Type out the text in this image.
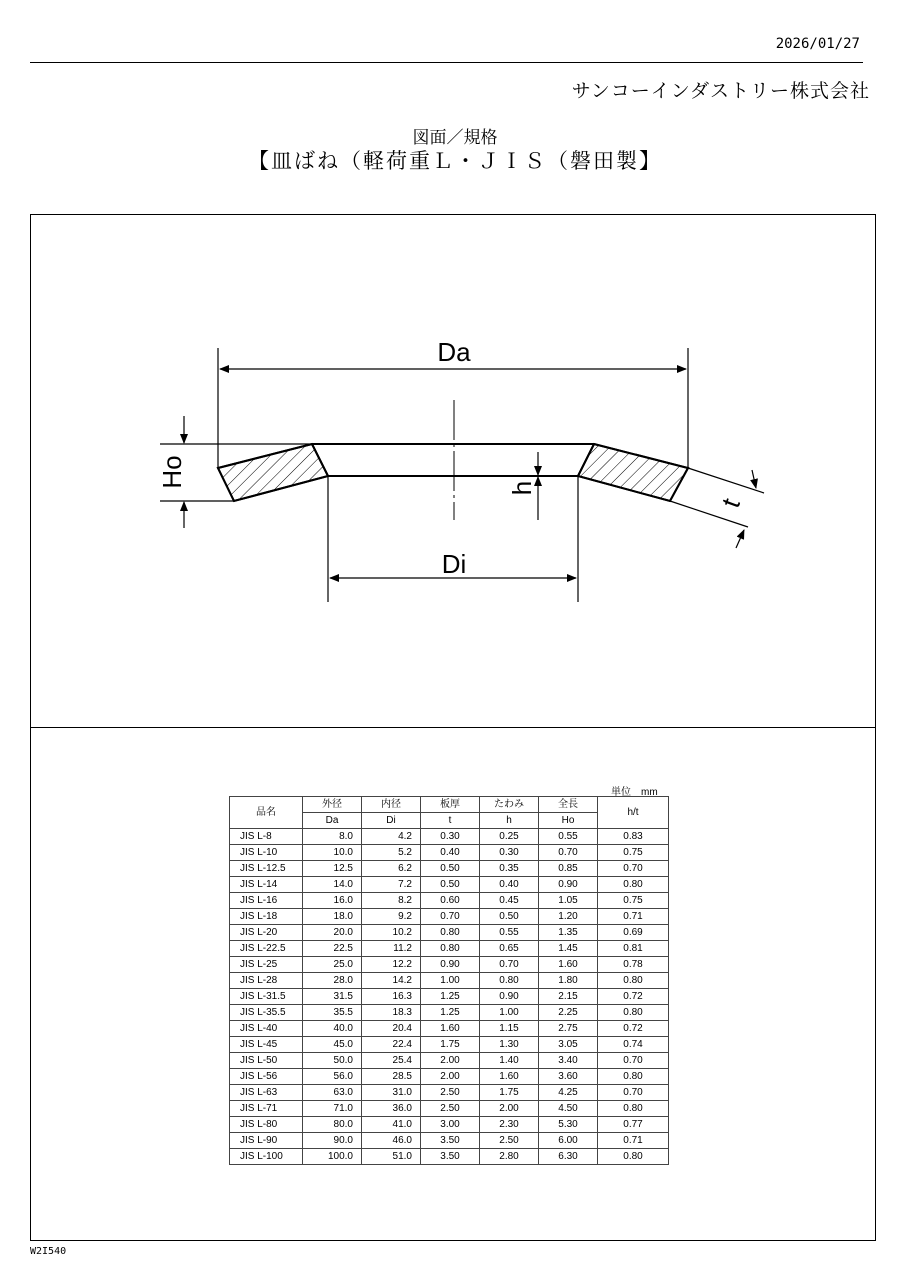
2026/01/27
サンコーインダストリー株式会社
図面／規格
【皿ばね（軽荷重Ｌ・ＪＩＳ（磐田製】
Da
Di
Ho	h
t
単位　mm
品名	外径	内径	板厚	たわみ	全長	h/t
	Da	Di	t	h	Ho	
JIS L-8	8.0	4.2	0.30	0.25	0.55	0.83
JIS L-10	10.0	5.2	0.40	0.30	0.70	0.75
JIS L-12.5	12.5	6.2	0.50	0.35	0.85	0.70
JIS L-14	14.0	7.2	0.50	0.40	0.90	0.80
JIS L-16	16.0	8.2	0.60	0.45	1.05	0.75
JIS L-18	18.0	9.2	0.70	0.50	1.20	0.71
JIS L-20	20.0	10.2	0.80	0.55	1.35	0.69
JIS L-22.5	22.5	11.2	0.80	0.65	1.45	0.81
JIS L-25	25.0	12.2	0.90	0.70	1.60	0.78
JIS L-28	28.0	14.2	1.00	0.80	1.80	0.80
JIS L-31.5	31.5	16.3	1.25	0.90	2.15	0.72
JIS L-35.5	35.5	18.3	1.25	1.00	2.25	0.80
JIS L-40	40.0	20.4	1.60	1.15	2.75	0.72
JIS L-45	45.0	22.4	1.75	1.30	3.05	0.74
JIS L-50	50.0	25.4	2.00	1.40	3.40	0.70
JIS L-56	56.0	28.5	2.00	1.60	3.60	0.80
JIS L-63	63.0	31.0	2.50	1.75	4.25	0.70
JIS L-71	71.0	36.0	2.50	2.00	4.50	0.80
JIS L-80	80.0	41.0	3.00	2.30	5.30	0.77
JIS L-90	90.0	46.0	3.50	2.50	6.00	0.71
JIS L-100	100.0	51.0	3.50	2.80	6.30	0.80
W2I540
